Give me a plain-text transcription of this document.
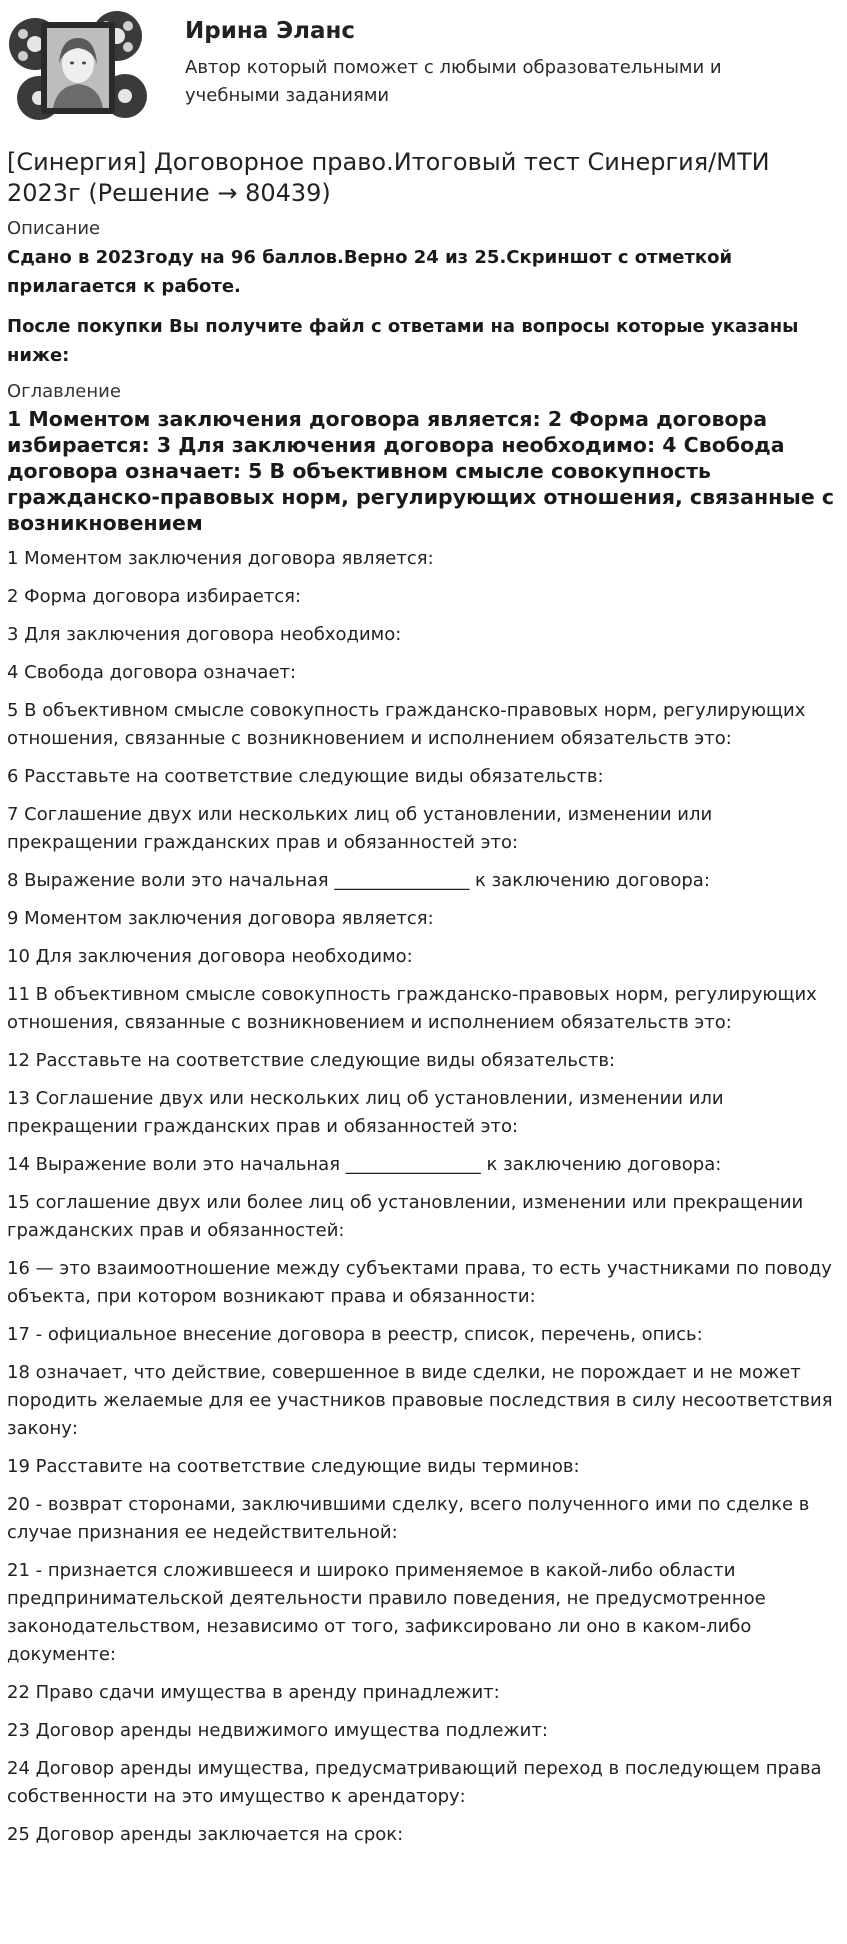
Ирина Эланс
Автор который поможет с любыми образовательными и учебными заданиями
[Синергия] Договорное право.Итоговый тест Синергия/МТИ 2023г (Решение → 80439)
Описание

Сдано в 2023году на 96 баллов.Верно 24 из 25.Скриншот с отметкой прилагается к работе.

После покупки Вы получите файл с ответами на вопросы которые указаны ниже:

Оглавление
1 Моментом заключения договора является: 2 Форма договора избирается: 3 Для заключения договора необходимо: 4 Свобода договора означает: 5 В объективном смысле совокупность гражданско-правовых норм, регулирующих отношения, связанные с возникновением
1 Моментом заключения договора является:
2 Форма договора избирается:
3 Для заключения договора необходимо:
4 Свобода договора означает:
5 В объективном смысле совокупность гражданско-правовых норм, регулирующих отношения, связанные с возникновением и исполнением обязательств это:
6 Расставьте на соответствие следующие виды обязательств:
7 Соглашение двух или нескольких лиц об установлении, изменении или прекращении гражданских прав и обязанностей это:
8 Выражение воли это начальная _______________ к заключению договора:
9 Моментом заключения договора является:
10 Для заключения договора необходимо:
11 В объективном смысле совокупность гражданско-правовых норм, регулирующих отношения, связанные с возникновением и исполнением обязательств это:
12 Расставьте на соответствие следующие виды обязательств:
13 Соглашение двух или нескольких лиц об установлении, изменении или прекращении гражданских прав и обязанностей это:
14 Выражение воли это начальная _______________ к заключению договора:
15 соглашение двух или более лиц об установлении, изменении или прекращении гражданских прав и обязанностей:
16 — это взаимоотношение между субъектами права, то есть участниками по поводу объекта, при котором возникают права и обязанности:
17 - официальное внесение договора в реестр, список, перечень, опись:
18 означает, что действие, совершенное в виде сделки, не порождает и не может породить желаемые для ее участников правовые последствия в силу несоответствия закону:
19 Расставите на соответствие следующие виды терминов:
20 - возврат сторонами, заключившими сделку, всего полученного ими по сделке в случае признания ее недействительной:
21 - признается сложившееся и широко применяемое в какой-либо области предпринимательской деятельности правило поведения, не предусмотренное законодательством, независимо от того, зафиксировано ли оно в каком-либо документе:
22 Право сдачи имущества в аренду принадлежит:
23 Договор аренды недвижимого имущества подлежит:
24 Договор аренды имущества, предусматривающий переход в последующем права собственности на это имущество к арендатору:
25 Договор аренды заключается на срок:
